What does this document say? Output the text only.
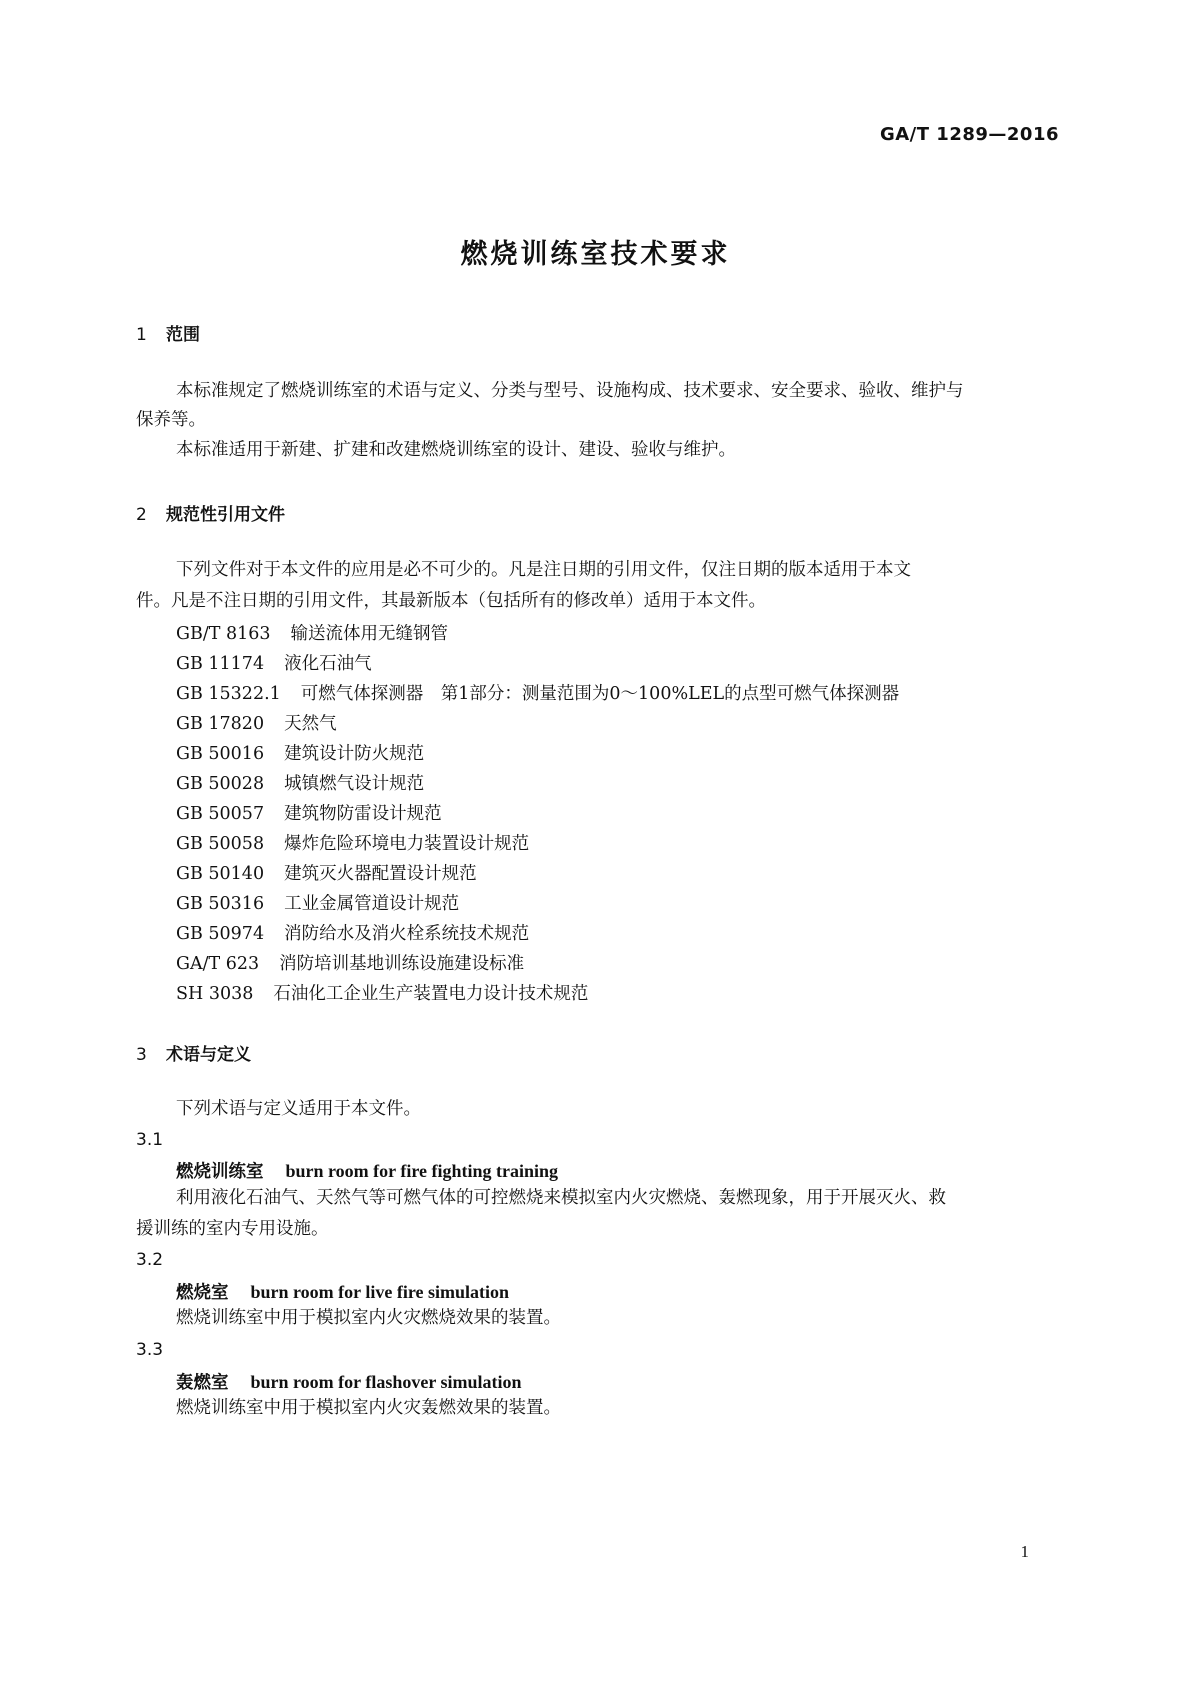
GA/T 1289—2016
燃烧训练室技术要求
1 范围
本标准规定了燃烧训练室的术语与定义、分类与型号、设施构成、技术要求、安全要求、验收、维护与
保养等。
本标准适用于新建、扩建和改建燃烧训练室的设计、建设、验收与维护。
2 规范性引用文件
下列文件对于本文件的应用是必不可少的。凡是注日期的引用文件，仅注日期的版本适用于本文
件。凡是不注日期的引用文件，其最新版本（包括所有的修改单）适用于本文件。
GB/T 8163 输送流体用无缝钢管
GB 11174 液化石油气
GB 15322.1 可燃气体探测器　第1部分：测量范围为0～100%LEL的点型可燃气体探测器
GB 17820 天然气
GB 50016 建筑设计防火规范
GB 50028 城镇燃气设计规范
GB 50057 建筑物防雷设计规范
GB 50058 爆炸危险环境电力装置设计规范
GB 50140 建筑灭火器配置设计规范
GB 50316 工业金属管道设计规范
GB 50974 消防给水及消火栓系统技术规范
GA/T 623 消防培训基地训练设施建设标准
SH 3038 石油化工企业生产装置电力设计技术规范
3 术语与定义
下列术语与定义适用于本文件。
3.1
燃烧训练室 burn room for fire fighting training
利用液化石油气、天然气等可燃气体的可控燃烧来模拟室内火灾燃烧、轰燃现象，用于开展灭火、救
援训练的室内专用设施。
3.2
燃烧室 burn room for live fire simulation
燃烧训练室中用于模拟室内火灾燃烧效果的装置。
3.3
轰燃室 burn room for flashover simulation
燃烧训练室中用于模拟室内火灾轰燃效果的装置。
1
